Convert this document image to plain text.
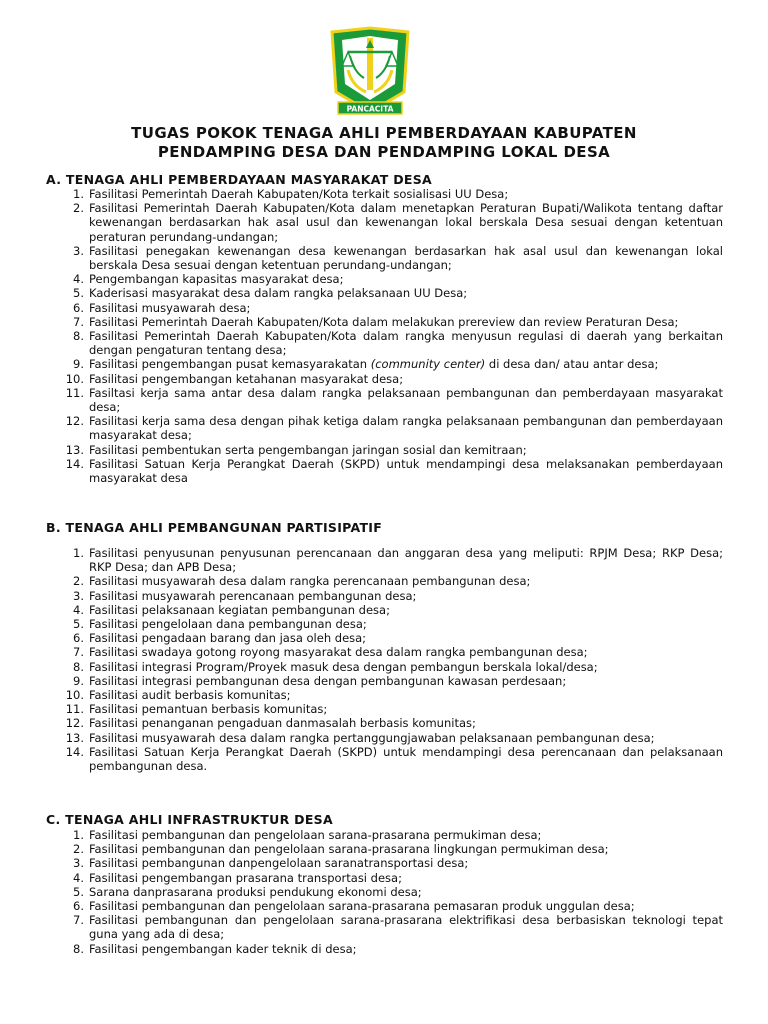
PANCACITA
TUGAS POKOK TENAGA AHLI PEMBERDAYAAN KABUPATEN
PENDAMPING DESA DAN PENDAMPING LOKAL DESA
A. TENAGA AHLI PEMBERDAYAAN MASYARAKAT DESA
1. Fasilitasi Pemerintah Daerah Kabupaten/Kota terkait sosialisasi UU Desa;
2. Fasilitasi Pemerintah Daerah Kabupaten/Kota dalam menetapkan Peraturan Bupati/Walikota tentang daftar kewenangan berdasarkan hak asal usul dan kewenangan lokal berskala Desa sesuai dengan ketentuan peraturan perundang-undangan;
3. Fasilitasi penegakan kewenangan desa kewenangan berdasarkan hak asal usul dan kewenangan lokal berskala Desa sesuai dengan ketentuan perundang-undangan;
4. Pengembangan kapasitas masyarakat desa;
5. Kaderisasi masyarakat desa dalam rangka pelaksanaan UU Desa;
6. Fasilitasi musyawarah desa;
7. Fasilitasi Pemerintah Daerah Kabupaten/Kota dalam melakukan prereview dan review Peraturan Desa;
8. Fasilitasi Pemerintah Daerah Kabupaten/Kota dalam rangka menyusun regulasi di daerah yang berkaitan dengan pengaturan tentang desa;
9. Fasilitasi pengembangan pusat kemasyarakatan (community center) di desa dan/ atau antar desa;
10. Fasilitasi pengembangan ketahanan masyarakat desa;
11. Fasiltasi kerja sama antar desa dalam rangka pelaksanaan pembangunan dan pemberdayaan masyarakat desa;
12. Fasilitasi kerja sama desa dengan pihak ketiga dalam rangka pelaksanaan pembangunan dan pemberdayaan masyarakat desa;
13. Fasilitasi pembentukan serta pengembangan jaringan sosial dan kemitraan;
14. Fasilitasi Satuan Kerja Perangkat Daerah (SKPD) untuk mendampingi desa melaksanakan pemberdayaan masyarakat desa
B. TENAGA AHLI PEMBANGUNAN PARTISIPATIF
1. Fasilitasi penyusunan penyusunan perencanaan dan anggaran desa yang meliputi: RPJM Desa; RKP Desa; RKP Desa; dan APB Desa;
2. Fasilitasi musyawarah desa dalam rangka perencanaan pembangunan desa;
3. Fasilitasi musyawarah perencanaan pembangunan desa;
4. Fasilitasi pelaksanaan kegiatan pembangunan desa;
5. Fasilitasi pengelolaan dana pembangunan desa;
6. Fasilitasi pengadaan barang dan jasa oleh desa;
7. Fasilitasi swadaya gotong royong masyarakat desa dalam rangka pembangunan desa;
8. Fasilitasi integrasi Program/Proyek masuk desa dengan pembangun berskala lokal/desa;
9. Fasilitasi integrasi pembangunan desa dengan pembangunan kawasan perdesaan;
10. Fasilitasi audit berbasis komunitas;
11. Fasilitasi pemantuan berbasis komunitas;
12. Fasilitasi penanganan pengaduan danmasalah berbasis komunitas;
13. Fasilitasi musyawarah desa dalam rangka pertanggungjawaban pelaksanaan pembangunan desa;
14. Fasilitasi Satuan Kerja Perangkat Daerah (SKPD) untuk mendampingi desa perencanaan dan pelaksanaan pembangunan desa.
C. TENAGA AHLI INFRASTRUKTUR DESA
1. Fasilitasi pembangunan dan pengelolaan sarana-prasarana permukiman desa;
2. Fasilitasi pembangunan dan pengelolaan sarana-prasarana lingkungan permukiman desa;
3. Fasilitasi pembangunan danpengelolaan saranatransportasi desa;
4. Fasilitasi pengembangan prasarana transportasi desa;
5. Sarana danprasarana produksi pendukung ekonomi desa;
6. Fasilitasi pembangunan dan pengelolaan sarana-prasarana pemasaran produk unggulan desa;
7. Fasilitasi pembangunan dan pengelolaan sarana-prasarana elektrifikasi desa berbasiskan teknologi tepat guna yang ada di desa;
8. Fasilitasi pengembangan kader teknik di desa;
